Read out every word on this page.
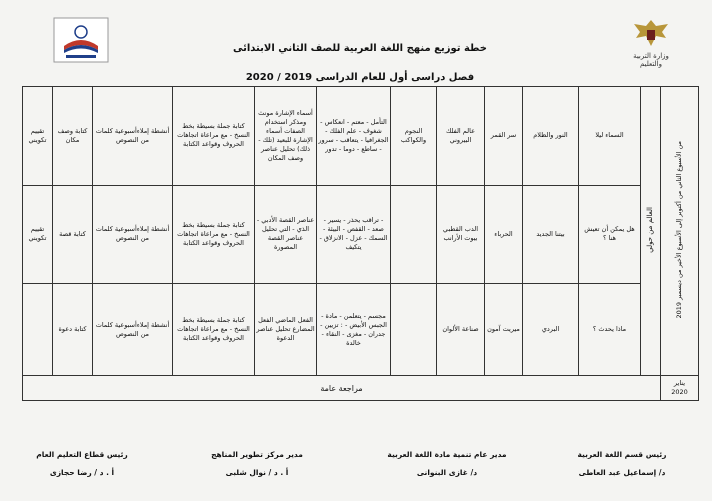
وزارة التربية والتعليم
خطة توزيع منهج اللغة العربية للصف الثاني الابتدائى
فصل دراسى أول للعام الدراسى 2019 / 2020
من الأسبوع الثاني من أكتوبر إلى الأسبوع الأخير من ديسمبر 2019	العالم من حولي	السماء ليلا	النور والظلام	سر القمر	عالم الفلك البيروني	النجوم والكواكب	التأمل - معتم - انعكاس - شغوف - علم الفلك - الجغرافيا - يتعاقب - سرور - ساطع - دوما - تدور	أسماء الإشارة مونث ومذكر استخدام الصفات أسماء الإشارة للبعيد (تلك - ذلك) تحليل عناصر وصف المكان	كتابة جملة بسيطة بخط النسخ - مع مراعاة اتجاهات الحروف وقواعد الكتابة	أنشطة إملاءأسبوعية كلمات من النصوص	كتابة وصف مكان	تقييم تكويني
		هل يمكن أن تعيش هنا ؟	بيتنا الجديد	الحرباء	الدب القطبي بيوت الأرانب		- تراقب يحذر - يسير - صعد - القفص - البيئة - السمك - عزل - الانزلاق - يتكيف	عناصر القصة الأدبي - الذي - التي تحليل عناصر القصة المصورة	كتابة جملة بسيطة بخط النسخ - مع مراعاة اتجاهات الحروف وقواعد الكتابة	أنشطة إملاءأسبوعية كلمات من النصوص	كتابة قصة	تقييم تكويني
		ماذا يحدث ؟	البردي	ميريت آمون	صناعة الألوان		مجسم - يتعلمن - مادة - الجبس الأبيض - : تزيين - جدران - مغزى - النقاء - خالدة	الفعل الماضي الفعل المضارع تحليل عناصر الدعوة	كتابة جملة بسيطة بخط النسخ - مع مراعاة اتجاهات الحروف وقواعد الكتابة	أنشطة إملاءأسبوعية كلمات من النصوص	كتابة دعوة	

يناير
2020	مراجعة عامة											
رئيس قسم اللغة العربية
د/ إسماعيل عبد العاطى
مدير عام تنمية مادة اللغة العربية
د/ غازى البنوانى
مدير مركز تطوير المناهج
أ . د / نوال شلبى
رئيس قطاع التعليم العام
أ . د / رضا حجازى
